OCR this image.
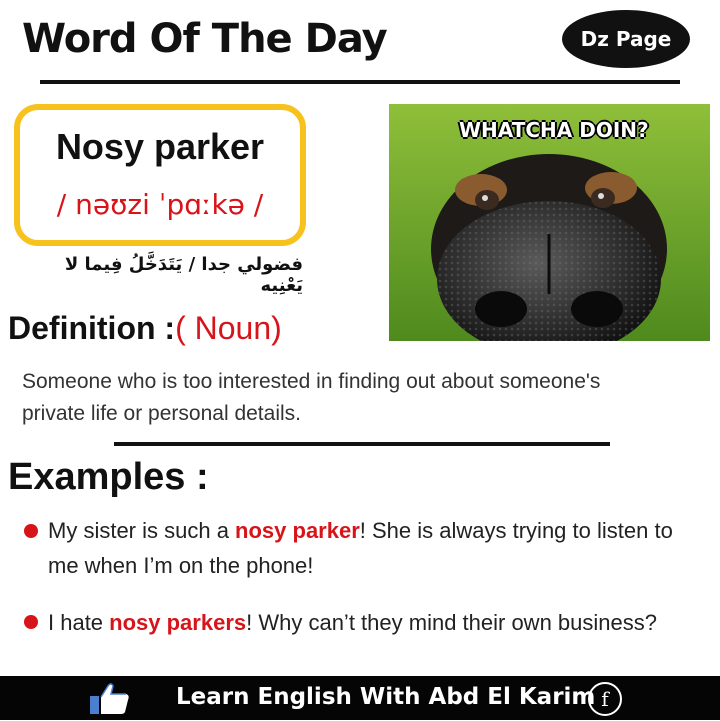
Word Of The Day	Dz Page
Nosy parker
/ nəʊzi ˈpɑːkə /
فضولي جدا / يَتَدَخَّلُ فِيما لا يَعْنِيه
WHATCHA DOIN?
Definition :( Noun)
Someone who is too interested in finding out about someone's private life or personal details.
Examples :
My sister is such a nosy parker! She is always trying to listen to me when I’m on the phone!
I hate nosy parkers! Why can’t they mind their own business?
Learn English With Abd El Karim f
